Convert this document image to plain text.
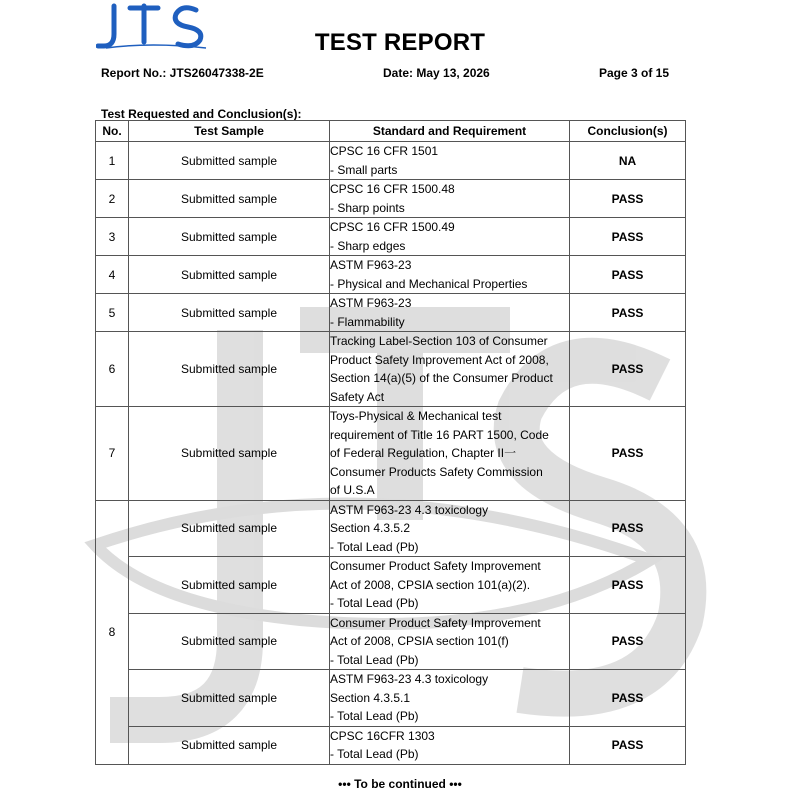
TEST REPORT
Report No.: JTS26047338-2E	Date: May 13, 2026	Page 3 of 15
Test Requested and Conclusion(s):
No.	Test Sample	Standard and Requirement	Conclusion(s)
1	Submitted sample	CPSC 16 CFR 1501
- Small parts	NA
2	Submitted sample	CPSC 16 CFR 1500.48
- Sharp points	PASS
3	Submitted sample	CPSC 16 CFR 1500.49
- Sharp edges	PASS
4	Submitted sample	ASTM F963-23
- Physical and Mechanical Properties	PASS
5	Submitted sample	ASTM F963-23
- Flammability	PASS
6	Submitted sample	Tracking Label-Section 103 of Consumer
Product Safety Improvement Act of 2008,
Section 14(a)(5) of the Consumer Product
Safety Act	PASS
7	Submitted sample	Toys-Physical & Mechanical test
requirement of Title 16 PART 1500, Code
of Federal Regulation, Chapter II一
Consumer Products Safety Commission
of U.S.A	PASS
8	Submitted sample	ASTM F963-23 4.3 toxicology
Section 4.3.5.2
- Total Lead (Pb)	PASS
	Submitted sample	Consumer Product Safety Improvement
Act of 2008, CPSIA section 101(a)(2).
- Total Lead (Pb)	PASS
	Submitted sample	Consumer Product Safety Improvement
Act of 2008, CPSIA section 101(f)
- Total Lead (Pb)	PASS
	Submitted sample	ASTM F963-23 4.3 toxicology
Section 4.3.5.1
- Total Lead (Pb)	PASS
	Submitted sample	CPSC 16CFR 1303
- Total Lead (Pb)	PASS
••• To be continued •••
